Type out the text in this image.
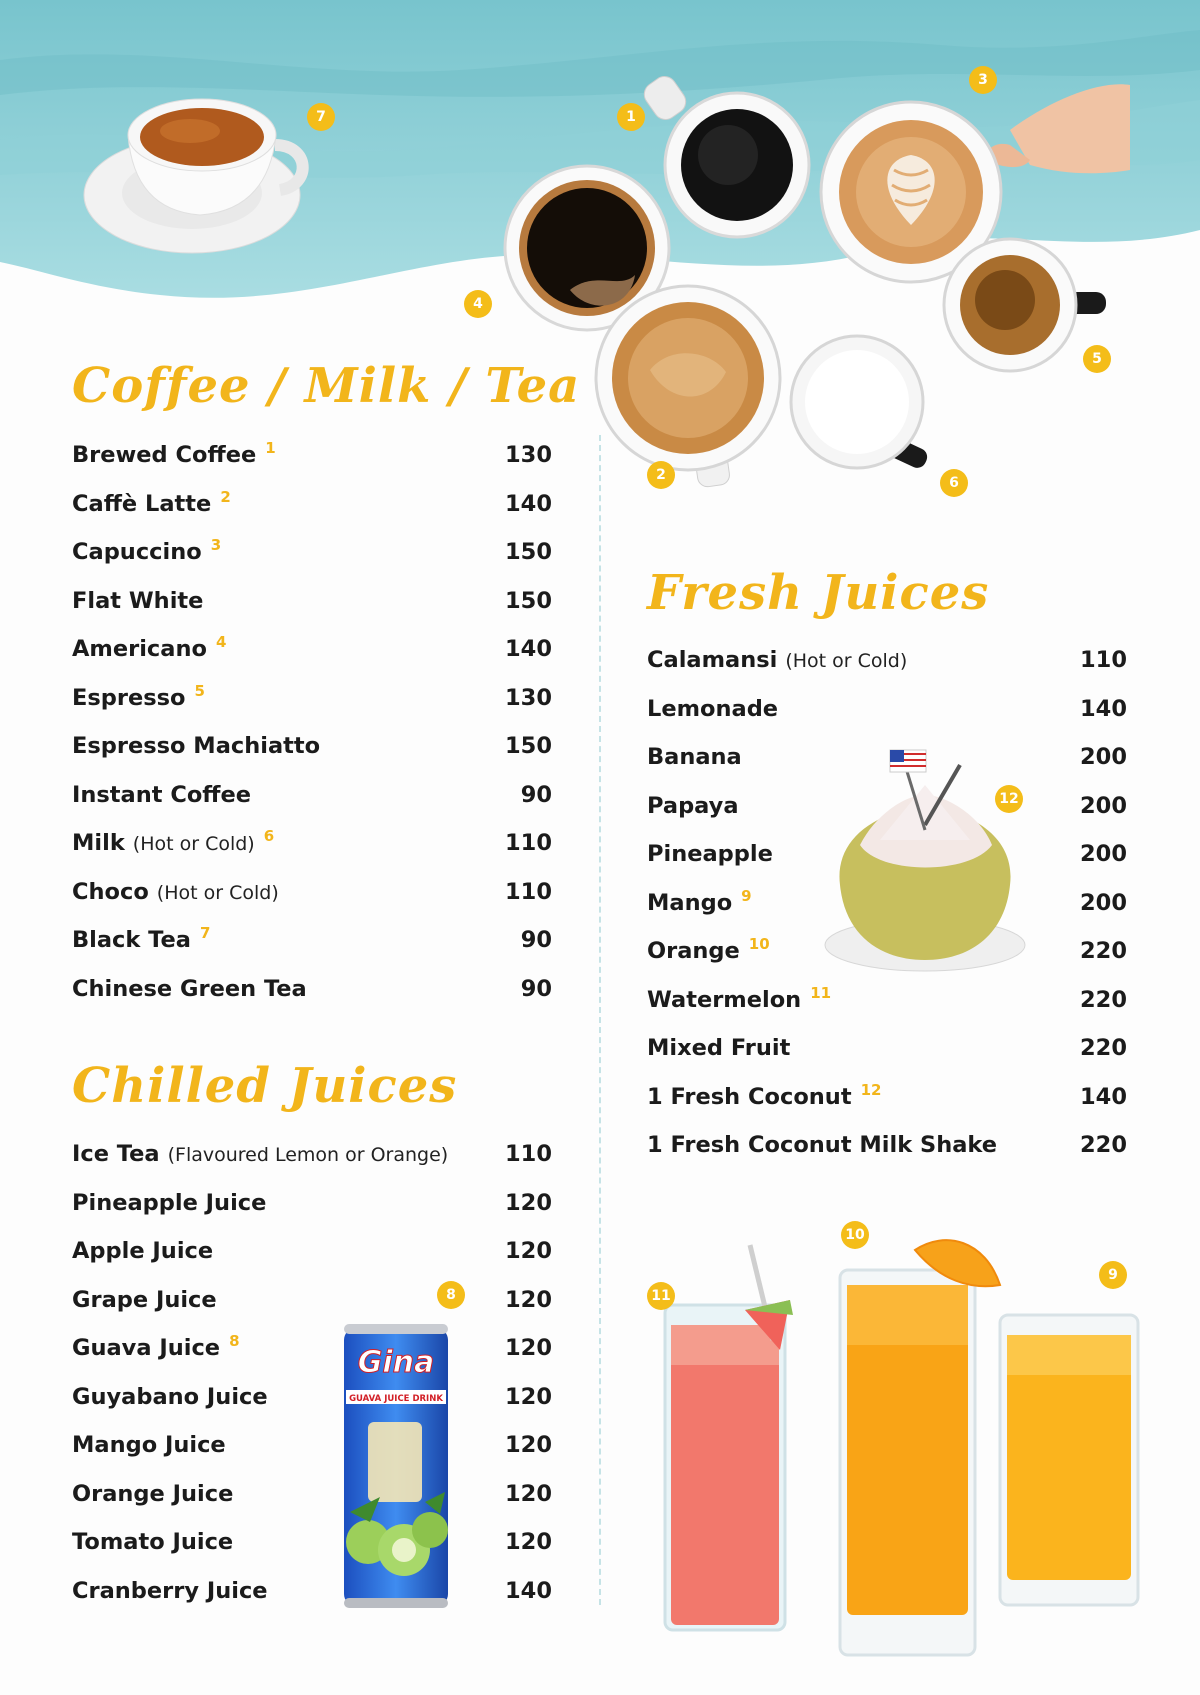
Gina
GUAVA JUICE DRINK
1
2
3
4
5
6
7
8
9
10
11
12
Coffee / Milk / Tea
Chilled Juices
Fresh Juices
Brewed Coffee 1	130
Caffè Latte 2	140
Capuccino 3	150
Flat White	150
Americano 4	140
Espresso 5	130
Espresso Machiatto	150
Instant Coffee	90
Milk (Hot or Cold) 6	110
Choco (Hot or Cold)	110
Black Tea 7	90
Chinese Green Tea	90
Ice Tea (Flavoured Lemon or Orange)	110
Pineapple Juice	120
Apple Juice	120
Grape Juice	120
Guava Juice 8	120
Guyabano Juice	120
Mango Juice	120
Orange Juice	120
Tomato Juice	120
Cranberry Juice	140
Calamansi (Hot or Cold)	110
Lemonade	140
Banana	200
Papaya	200
Pineapple	200
Mango 9	200
Orange 10	220
Watermelon 11	220
Mixed Fruit	220
1 Fresh Coconut 12	140
1 Fresh Coconut Milk Shake	220
